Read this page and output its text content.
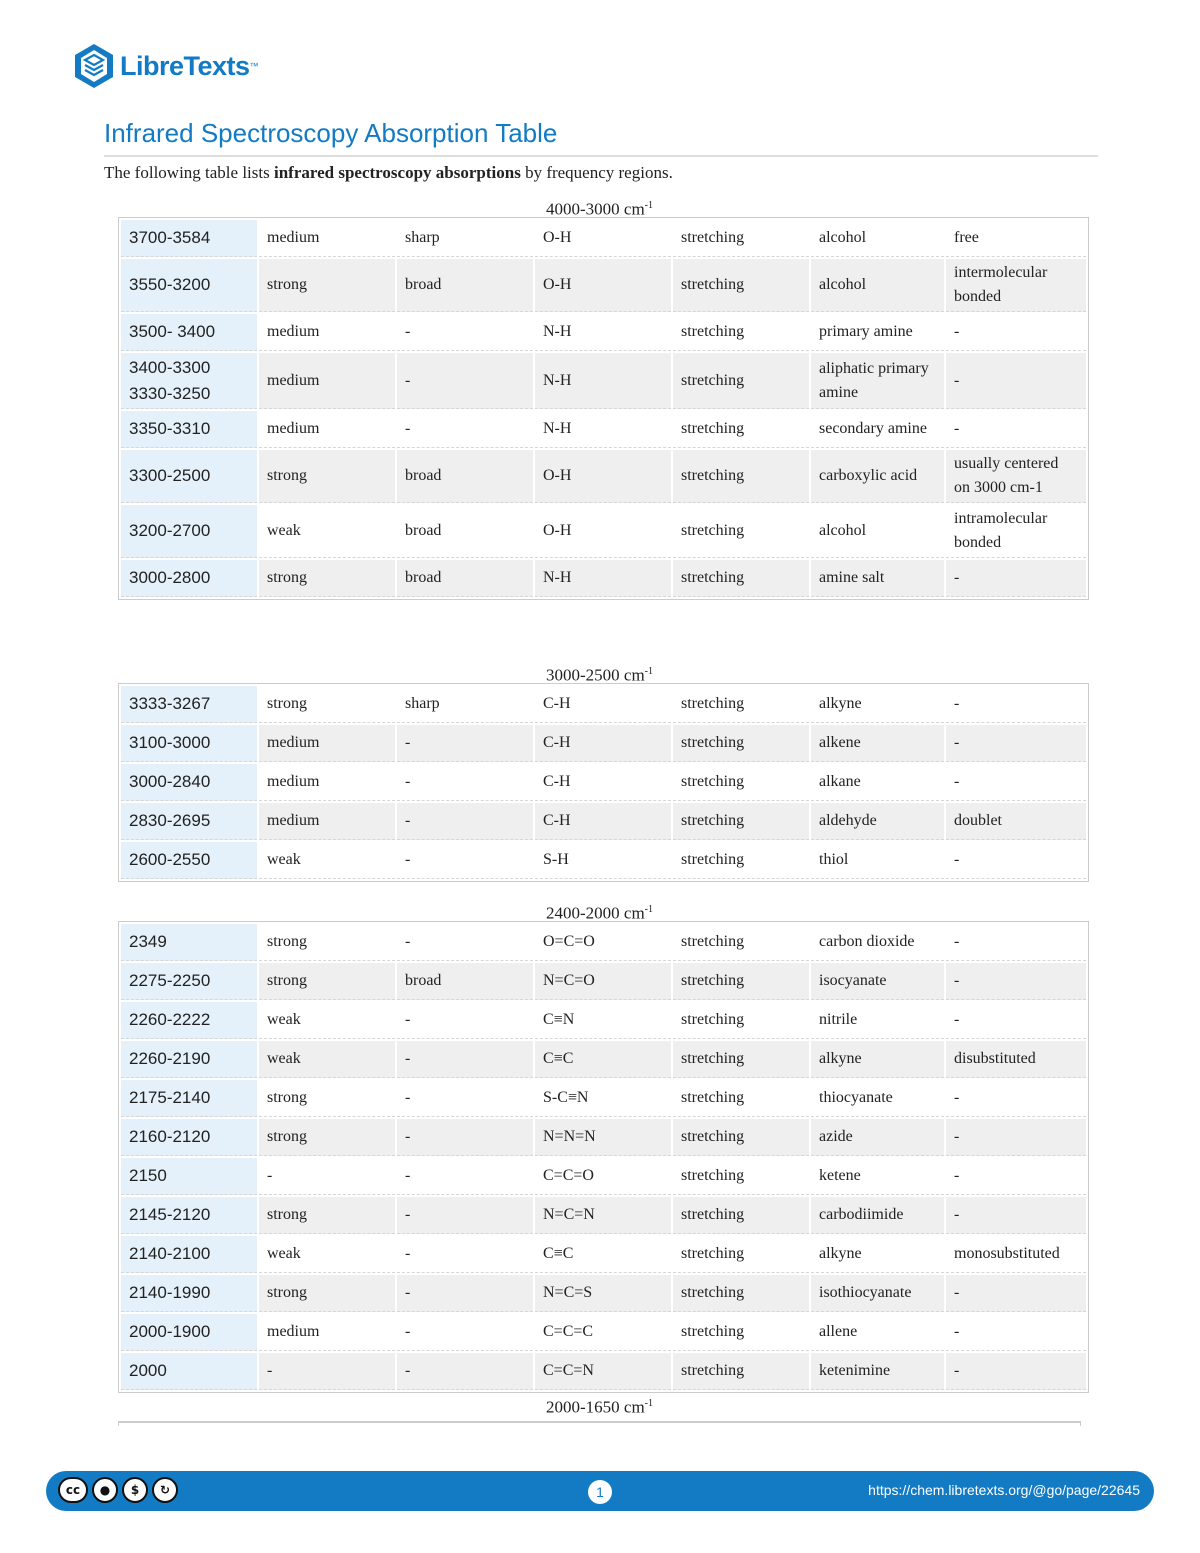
LibreTexts ™
Infrared Spectroscopy Absorption Table
The following table lists infrared spectroscopy absorptions by frequency regions.
4000-3000 $cm^{-1}$
3700-3584	medium	sharp	O-H	stretching	alcohol	free
3550-3200	strong	broad	O-H	stretching	alcohol	intermolecular bonded
3500- 3400	medium	-	N-H	stretching	primary amine	-
3400-3300 3330-3250	medium	-	N-H	stretching	aliphatic primary amine	-
3350-3310	medium	-	N-H	stretching	secondary amine	-
3300-2500	strong	broad	O-H	stretching	carboxylic acid	usually centered on 3000 cm-1
3200-2700	weak	broad	O-H	stretching	alcohol	intramolecular bonded
3000-2800	strong	broad	N-H	stretching	amine salt	-
3000-2500 $cm^{-1}$
3333-3267	strong	sharp	C-H	stretching	alkyne	-
3100-3000	medium	-	C-H	stretching	alkene	-
3000-2840	medium	-	C-H	stretching	alkane	-
2830-2695	medium	-	C-H	stretching	aldehyde	doublet
2600-2550	weak	-	S-H	stretching	thiol	-
2400-2000 $cm^{-1}$
2349	strong	-	O=C=O	stretching	carbon dioxide	-
2275-2250	strong	broad	N=C=O	stretching	isocyanate	-
2260-2222	weak	-	C≡N	stretching	nitrile	-
2260-2190	weak	-	C≡C	stretching	alkyne	disubstituted
2175-2140	strong	-	S-C≡N	stretching	thiocyanate	-
2160-2120	strong	-	N=N=N	stretching	azide	-
2150	-	-	C=C=O	stretching	ketene	-
2145-2120	strong	-	N=C=N	stretching	carbodiimide	-
2140-2100	weak	-	C≡C	stretching	alkyne	monosubstituted
2140-1990	strong	-	N=C=S	stretching	isothiocyanate	-
2000-1900	medium	-	C=C=C	stretching	allene	-
2000	-	-	C=C=N	stretching	ketenimine	-
2000-1650 $cm^{-1}$
cc	●	$	↻	1	https://chem.libretexts.org/@go/page/22645
